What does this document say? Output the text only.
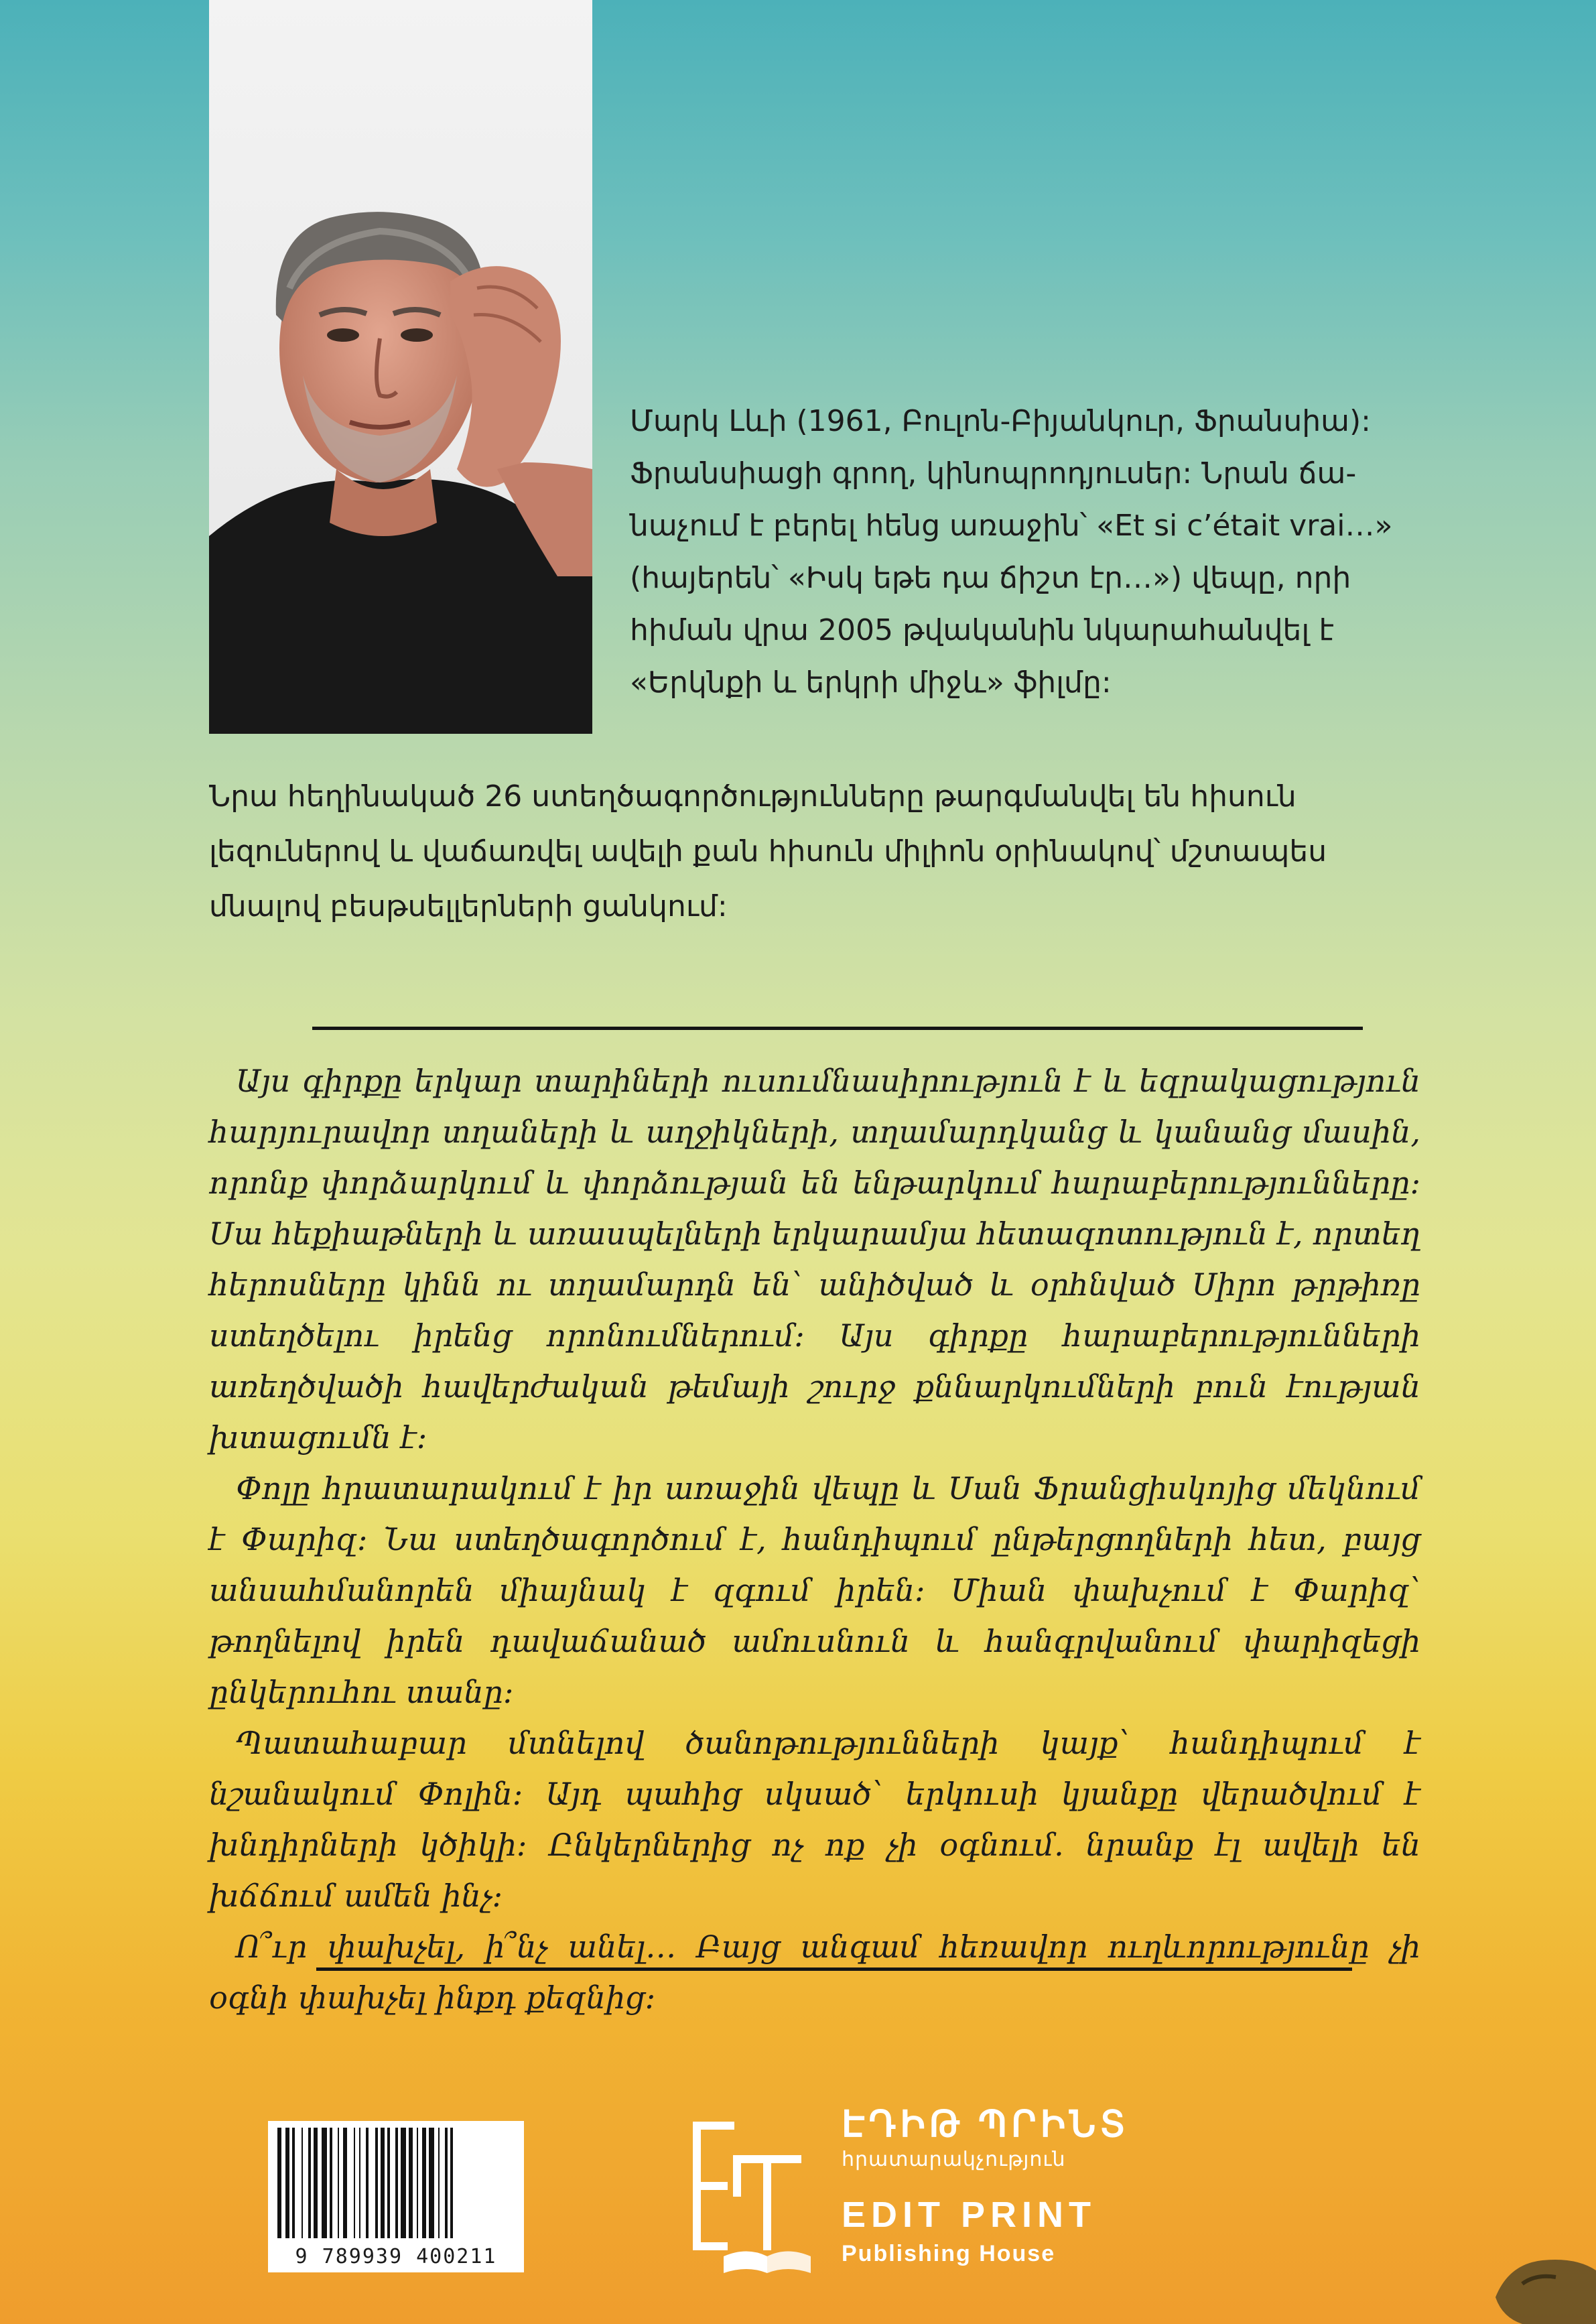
Մարկ Լևի (1961, Բուլոն-Բիյանկուր, Ֆրանսիա):

Ֆրանսիացի գրող, կինոպրոդյուսեր: Նրան ճա-

նաչում է բերել հենց առաջին՝ «Et si c’était vrai…»

(հայերեն՝ «Իսկ եթե դա ճիշտ էր…») վեպը, որի

հիման վրա 2005 թվականին նկարահանվել է

«Երկնքի և երկրի միջև» ֆիլմը:

Նրա հեղինակած 26 ստեղծագործությունները թարգմանվել են հիսուն

լեզուներով և վաճառվել ավելի քան հիսուն միլիոն օրինակով՝ մշտապես

մնալով բեսթսելլերների ցանկում:

Այս գիրքը երկար տարիների ուսումնասիրություն է և եզրակացություն հարյուրավոր տղաների և աղջիկների, տղամարդկանց և կանանց մասին, որոնք փորձարկում և փորձության են ենթարկում հարաբերությունները: Սա հեքիաթների և առասպելների երկարամյա հետազոտություն է, որտեղ հերոսները կինն ու տղամարդն են՝ անիծված և օրհնված Սիրո թրթիռը ստեղծելու իրենց որոնումներում: Այս գիրքը հարաբերությունների առեղծվածի հավերժական թեմայի շուրջ քննարկումների բուն էության խտացումն է:

Փոլը հրատարակում է իր առաջին վեպը և Սան Ֆրանցիսկոյից մեկնում է Փարիզ: Նա ստեղծագործում է, հանդիպում ընթերցողների հետ, բայց անսահմանորեն միայնակ է զգում իրեն: Միան փախչում է Փարիզ՝ թողնելով իրեն դավաճանած ամուսնուն և հանգրվանում փարիզեցի ընկերուհու տանը:

Պատահաբար մտնելով ծանոթությունների կայք՝ հանդիպում է նշանակում Փոլին: Այդ պահից սկսած՝ երկուսի կյանքը վերածվում է խնդիրների կծիկի: Ընկերներից ոչ ոք չի օգնում. նրանք էլ ավելի են խճճում ամեն ինչ:

Ո՞ւր փախչել, ի՞նչ անել… Բայց անգամ հեռավոր ուղևորությունը չի օգնի փախչել ինքդ քեզնից:

9 789939 400211
ԷԴԻԹ ՊՐԻՆՏ
հրատարակչություն
EDIT PRINT
Publishing House
